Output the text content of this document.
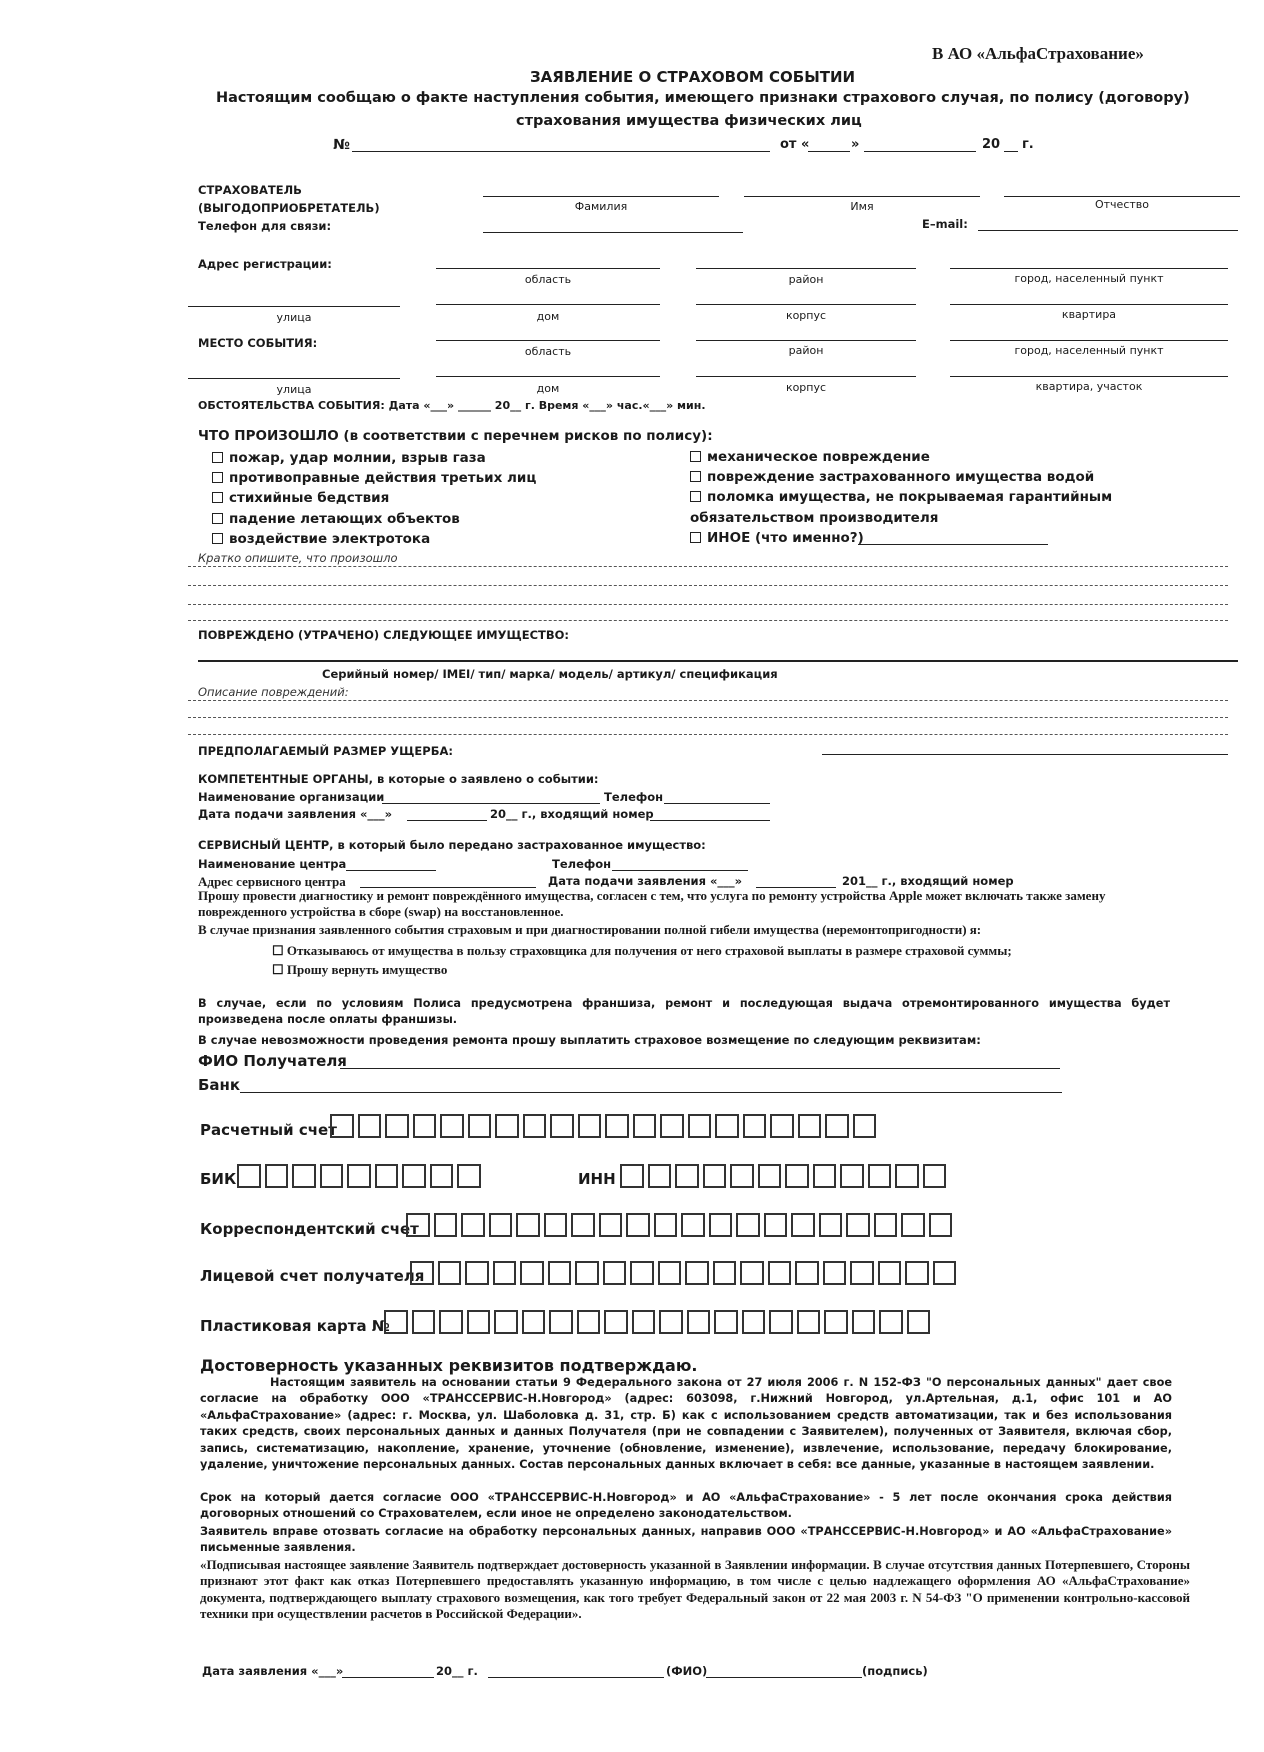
В АО «АльфаСтрахование»
ЗАЯВЛЕНИЕ О СТРАХОВОМ СОБЫТИИ
Настоящим сообщаю о факте наступления события, имеющего признаки страхового случая, по полису (договору)
страхования имущества физических лиц
№	от «	»	20 г.
СТРАХОВАТЕЛЬ
(ВЫГОДОПРИОБРЕТАТЕЛЬ)
Телефон для связи:
Фамилия	Имя	Отчество
E–mail:
Адрес регистрации:
область	район	город, населенный пункт
улица	дом	корпус	квартира
МЕСТО СОБЫТИЯ:
область	район	город, населенный пункт
улица	дом	корпус	квартира, участок
ОБСТОЯТЕЛЬСТВА СОБЫТИЯ: Дата «___» ______ 20__ г. Время «___» час.«___» мин.
ЧТО ПРОИЗОШЛО (в соответствии с перечнем рисков по полису):
пожар, удар молнии, взрыв газа
противоправные действия третьих лиц
стихийные бедствия
падение летающих объектов
воздействие электротока
механическое повреждение
повреждение застрахованного имущества водой
поломка имущества, не покрываемая гарантийным
обязательством производителя
ИНОЕ (что именно?)
Кратко опишите, что произошло
ПОВРЕЖДЕНО (УТРАЧЕНО) СЛЕДУЮЩЕЕ ИМУЩЕСТВО:
Серийный номер/ IMEI/ тип/ марка/ модель/ артикул/ спецификация
Описание повреждений:
ПРЕДПОЛАГАЕМЫЙ РАЗМЕР УЩЕРБА:
КОМПЕТЕНТНЫЕ ОРГАНЫ, в которые о заявлено о событии:
Наименование организации	Телефон
Дата подачи заявления «___»	20__ г., входящий номер
СЕРВИСНЫЙ ЦЕНТР, в который было передано застрахованное имущество:
Наименование центра	Телефон
Адрес сервисного центра	Дата подачи заявления «___»	201__ г., входящий номер
Прошу провести диагностику и ремонт повреждённого имущества, согласен с тем, что услуга по ремонту устройства Apple может включать также замену поврежденного устройства в сборе (swap) на восстановленное.
В случае признания заявленного события страховым и при диагностировании полной гибели имущества (неремонтопригодности) я:
☐ Отказываюсь от имущества в пользу страховщика для получения от него страховой выплаты в размере страховой суммы;
☐ Прошу вернуть имущество
В случае, если по условиям Полиса предусмотрена франшиза, ремонт и последующая выдача отремонтированного имущества будет произведена после оплаты франшизы.
В случае невозможности проведения ремонта прошу выплатить страховое возмещение по следующим реквизитам:
ФИО Получателя
Банк
Расчетный счет
БИК	ИНН
Корреспондентский счет
Лицевой счет получателя
Пластиковая карта №
Достоверность указанных реквизитов подтверждаю.
Настоящим заявитель на основании статьи 9 Федерального закона от 27 июля 2006 г. N 152-ФЗ "О персональных данных" дает свое согласие на обработку ООО «ТРАНССЕРВИС-Н.Новгород» (адрес: 603098, г.Нижний Новгород, ул.Артельная, д.1, офис 101 и АО «АльфаСтрахование» (адрес: г. Москва, ул. Шаболовка д. 31, стр. Б) как с использованием средств автоматизации, так и без использования таких средств, своих персональных данных и данных Получателя (при не совпадении с Заявителем), полученных от Заявителя, включая сбор, запись, систематизацию, накопление, хранение, уточнение (обновление, изменение), извлечение, использование, передачу блокирование, удаление, уничтожение персональных данных. Состав персональных данных включает в себя: все данные, указанные в настоящем заявлении.
Срок на который дается согласие ООО «ТРАНССЕРВИС-Н.Новгород» и АО «АльфаСтрахование» - 5 лет после окончания срока действия договорных отношений со Страхователем, если иное не определено законодательством.
Заявитель вправе отозвать согласие на обработку персональных данных, направив ООО «ТРАНССЕРВИС-Н.Новгород» и АО «АльфаСтрахование» письменные заявления.
«Подписывая настоящее заявление Заявитель подтверждает достоверность указанной в Заявлении информации. В случае отсутствия данных Потерпевшего, Стороны признают этот факт как отказ Потерпевшего предоставлять указанную информацию, в том числе с целью надлежащего оформления АО «АльфаСтрахование» документа, подтверждающего выплату страхового возмещения, как того требует Федеральный закон от 22 мая 2003 г. N 54-ФЗ "О применении контрольно-кассовой техники при осуществлении расчетов в Российской Федерации».
Дата заявления «___»	20__ г.	(ФИО)	(подпись)
